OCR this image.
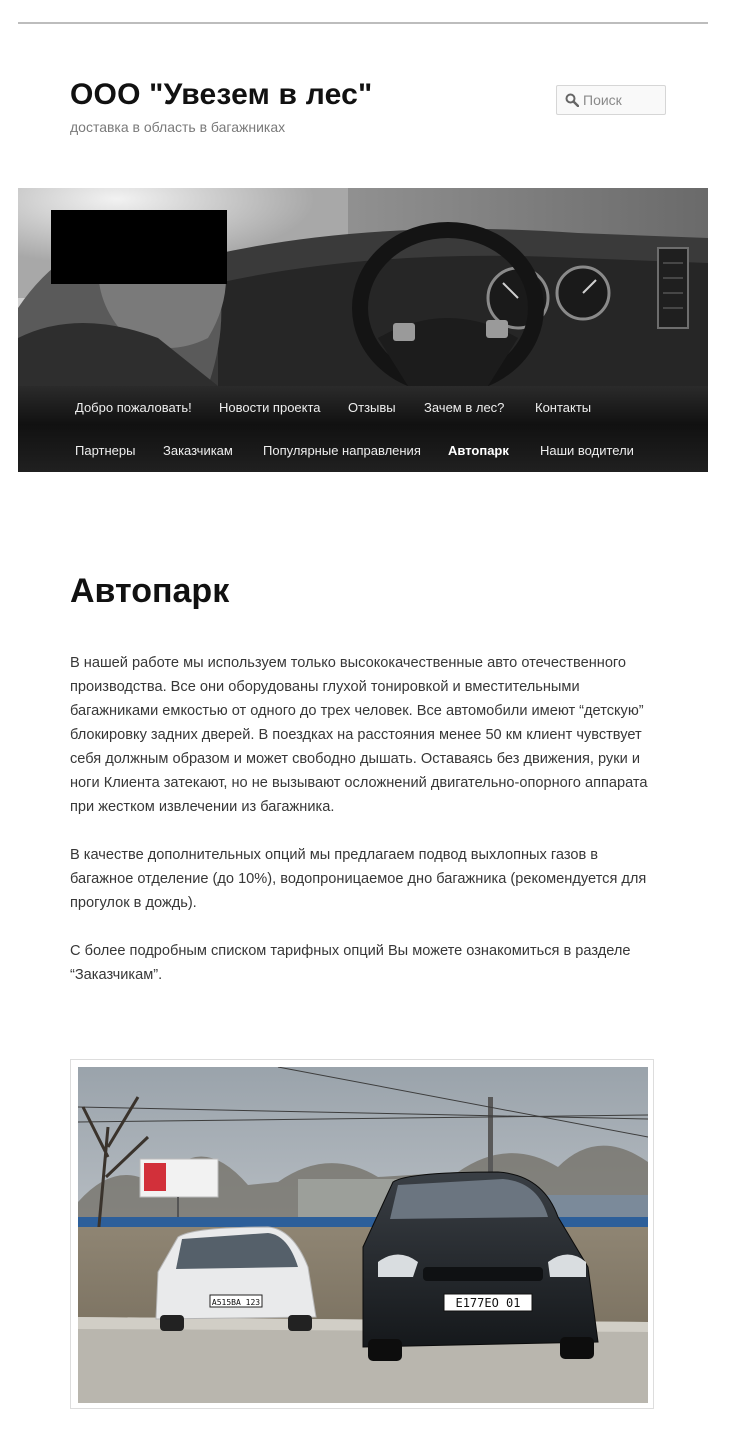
ООО "Увезем в лес"
доставка в область в багажниках
Поиск
Добро пожаловать! Новости проекта Отзывы Зачем в лес? Контакты
Партнеры Заказчикам Популярные направления Автопарк Наши водители
Автопарк

В нашей работе мы используем только высококачественные авто отечественного производства. Все они оборудованы глухой тонировкой и вместительными багажниками емкостью от одного до трех человек. Все автомобили имеют “детскую” блокировку задних дверей. В поездках на расстояния менее 50 км клиент чувствует себя должным образом и может свободно дышать. Оставаясь без движения, руки и ноги Клиента затекают, но не вызывают осложнений двигательно-опорного аппарата при жестком извлечении из багажника.

В качестве дополнительных опций мы предлагаем подвод выхлопных газов в багажное отделение (до 10%), водопроницаемое дно багажника (рекомендуется для прогулок в дождь).

С более подробным списком тарифных опций Вы можете ознакомиться в разделе “Заказчикам”.

А515ВА 123	Е177ЕО 01
